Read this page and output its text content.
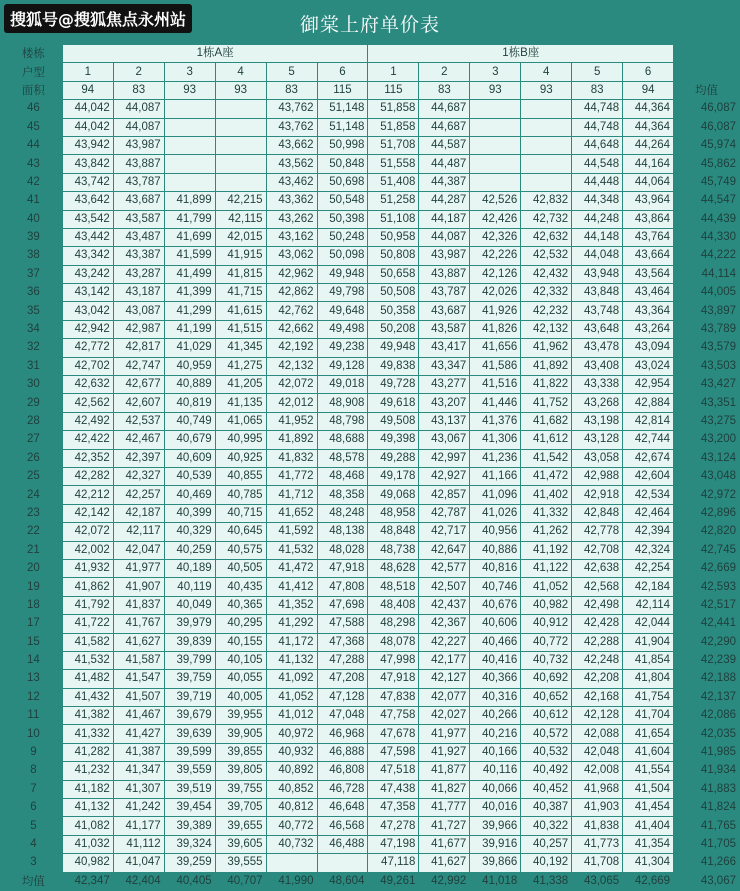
搜狐号@搜狐焦点永州站	御棠上府单价表
楼栋	1栋A座						1栋B座						
户型	1	2	3	4	5	6	1	2	3	4	5	6	
面积	94	83	93	93	83	115	115	83	93	93	83	94	均值
46	44,042	44,087			43,762	51,148	51,858	44,687			44,748	44,364	46,087
45	44,042	44,087			43,762	51,148	51,858	44,687			44,748	44,364	46,087
44	43,942	43,987			43,662	50,998	51,708	44,587			44,648	44,264	45,974
43	43,842	43,887			43,562	50,848	51,558	44,487			44,548	44,164	45,862
42	43,742	43,787			43,462	50,698	51,408	44,387			44,448	44,064	45,749
41	43,642	43,687	41,899	42,215	43,362	50,548	51,258	44,287	42,526	42,832	44,348	43,964	44,547
40	43,542	43,587	41,799	42,115	43,262	50,398	51,108	44,187	42,426	42,732	44,248	43,864	44,439
39	43,442	43,487	41,699	42,015	43,162	50,248	50,958	44,087	42,326	42,632	44,148	43,764	44,330
38	43,342	43,387	41,599	41,915	43,062	50,098	50,808	43,987	42,226	42,532	44,048	43,664	44,222
37	43,242	43,287	41,499	41,815	42,962	49,948	50,658	43,887	42,126	42,432	43,948	43,564	44,114
36	43,142	43,187	41,399	41,715	42,862	49,798	50,508	43,787	42,026	42,332	43,848	43,464	44,005
35	43,042	43,087	41,299	41,615	42,762	49,648	50,358	43,687	41,926	42,232	43,748	43,364	43,897
34	42,942	42,987	41,199	41,515	42,662	49,498	50,208	43,587	41,826	42,132	43,648	43,264	43,789
32	42,772	42,817	41,029	41,345	42,192	49,238	49,948	43,417	41,656	41,962	43,478	43,094	43,579
31	42,702	42,747	40,959	41,275	42,132	49,128	49,838	43,347	41,586	41,892	43,408	43,024	43,503
30	42,632	42,677	40,889	41,205	42,072	49,018	49,728	43,277	41,516	41,822	43,338	42,954	43,427
29	42,562	42,607	40,819	41,135	42,012	48,908	49,618	43,207	41,446	41,752	43,268	42,884	43,351
28	42,492	42,537	40,749	41,065	41,952	48,798	49,508	43,137	41,376	41,682	43,198	42,814	43,275
27	42,422	42,467	40,679	40,995	41,892	48,688	49,398	43,067	41,306	41,612	43,128	42,744	43,200
26	42,352	42,397	40,609	40,925	41,832	48,578	49,288	42,997	41,236	41,542	43,058	42,674	43,124
25	42,282	42,327	40,539	40,855	41,772	48,468	49,178	42,927	41,166	41,472	42,988	42,604	43,048
24	42,212	42,257	40,469	40,785	41,712	48,358	49,068	42,857	41,096	41,402	42,918	42,534	42,972
23	42,142	42,187	40,399	40,715	41,652	48,248	48,958	42,787	41,026	41,332	42,848	42,464	42,896
22	42,072	42,117	40,329	40,645	41,592	48,138	48,848	42,717	40,956	41,262	42,778	42,394	42,820
21	42,002	42,047	40,259	40,575	41,532	48,028	48,738	42,647	40,886	41,192	42,708	42,324	42,745
20	41,932	41,977	40,189	40,505	41,472	47,918	48,628	42,577	40,816	41,122	42,638	42,254	42,669
19	41,862	41,907	40,119	40,435	41,412	47,808	48,518	42,507	40,746	41,052	42,568	42,184	42,593
18	41,792	41,837	40,049	40,365	41,352	47,698	48,408	42,437	40,676	40,982	42,498	42,114	42,517
17	41,722	41,767	39,979	40,295	41,292	47,588	48,298	42,367	40,606	40,912	42,428	42,044	42,441
15	41,582	41,627	39,839	40,155	41,172	47,368	48,078	42,227	40,466	40,772	42,288	41,904	42,290
14	41,532	41,587	39,799	40,105	41,132	47,288	47,998	42,177	40,416	40,732	42,248	41,854	42,239
13	41,482	41,547	39,759	40,055	41,092	47,208	47,918	42,127	40,366	40,692	42,208	41,804	42,188
12	41,432	41,507	39,719	40,005	41,052	47,128	47,838	42,077	40,316	40,652	42,168	41,754	42,137
11	41,382	41,467	39,679	39,955	41,012	47,048	47,758	42,027	40,266	40,612	42,128	41,704	42,086
10	41,332	41,427	39,639	39,905	40,972	46,968	47,678	41,977	40,216	40,572	42,088	41,654	42,035
9	41,282	41,387	39,599	39,855	40,932	46,888	47,598	41,927	40,166	40,532	42,048	41,604	41,985
8	41,232	41,347	39,559	39,805	40,892	46,808	47,518	41,877	40,116	40,492	42,008	41,554	41,934
7	41,182	41,307	39,519	39,755	40,852	46,728	47,438	41,827	40,066	40,452	41,968	41,504	41,883
6	41,132	41,242	39,454	39,705	40,812	46,648	47,358	41,777	40,016	40,387	41,903	41,454	41,824
5	41,082	41,177	39,389	39,655	40,772	46,568	47,278	41,727	39,966	40,322	41,838	41,404	41,765
4	41,032	41,112	39,324	39,605	40,732	46,488	47,198	41,677	39,916	40,257	41,773	41,354	41,705
3	40,982	41,047	39,259	39,555			47,118	41,627	39,866	40,192	41,708	41,304	41,266
均值	42,347	42,404	40,405	40,707	41,990	48,604	49,261	42,992	41,018	41,338	43,065	42,669	43,067
